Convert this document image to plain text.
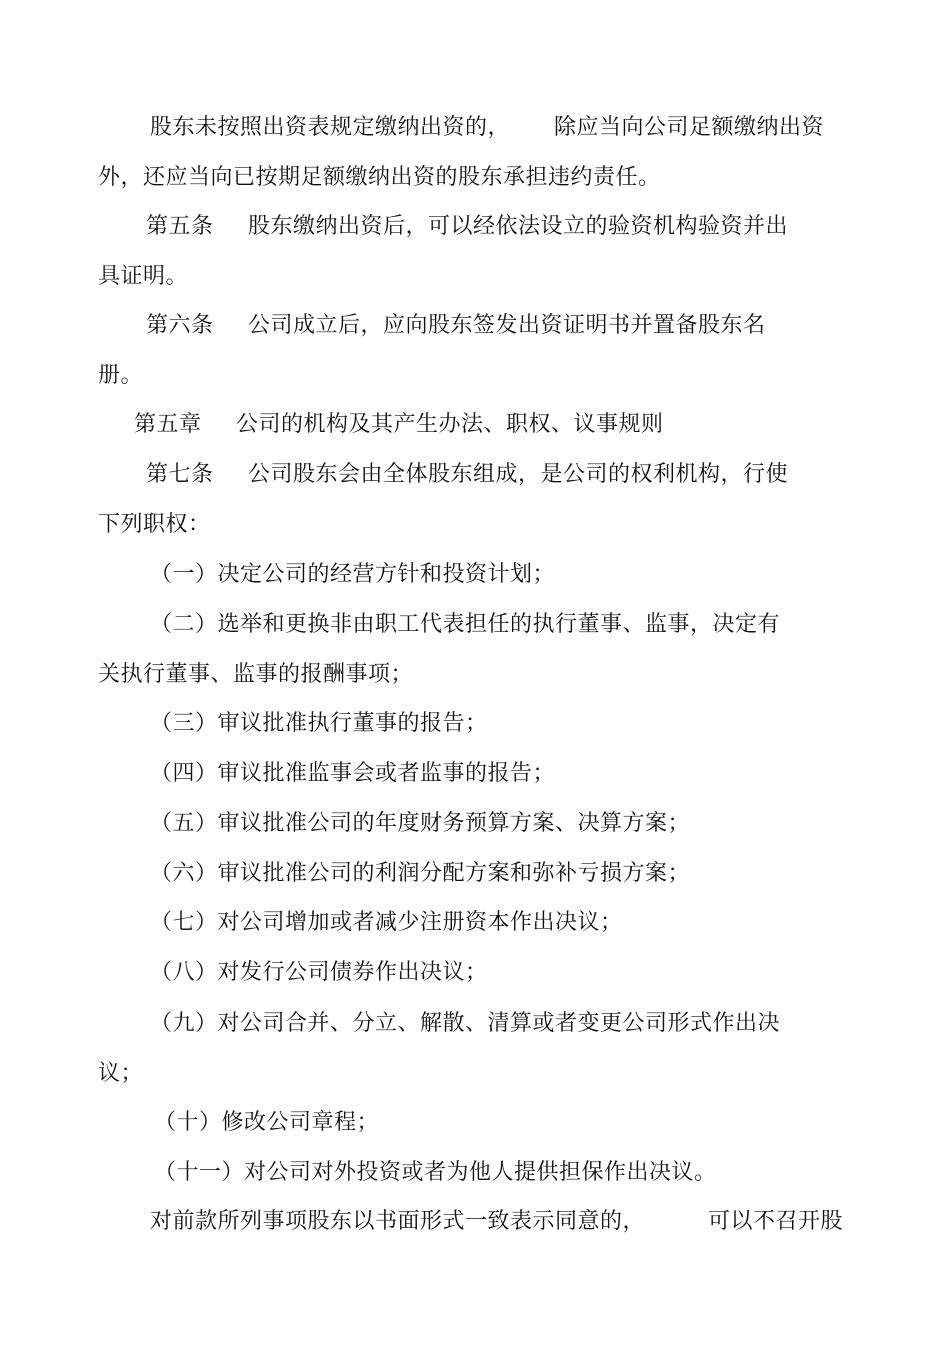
股东未按照出资表规定缴纳出资的， 除应当向公司足额缴纳出资
外，还应当向已按期足额缴纳出资的股东承担违约责任。
第五条 股东缴纳出资后，可以经依法设立的验资机构验资并出
具证明。
第六条 公司成立后，应向股东签发出资证明书并置备股东名
册。
第五章 公司的机构及其产生办法、职权、议事规则
第七条 公司股东会由全体股东组成，是公司的权利机构，行使
下列职权：
（一）决定公司的经营方针和投资计划；
（二）选举和更换非由职工代表担任的执行董事、监事，决定有
关执行董事、监事的报酬事项；
（三）审议批准执行董事的报告；
（四）审议批准监事会或者监事的报告；
（五）审议批准公司的年度财务预算方案、决算方案；
（六）审议批准公司的利润分配方案和弥补亏损方案；
（七）对公司增加或者减少注册资本作出决议；
（八）对发行公司债券作出决议；
（九）对公司合并、分立、解散、清算或者变更公司形式作出决
议；
（十）修改公司章程；
（十一）对公司对外投资或者为他人提供担保作出决议。
对前款所列事项股东以书面形式一致表示同意的，	可以不召开股
